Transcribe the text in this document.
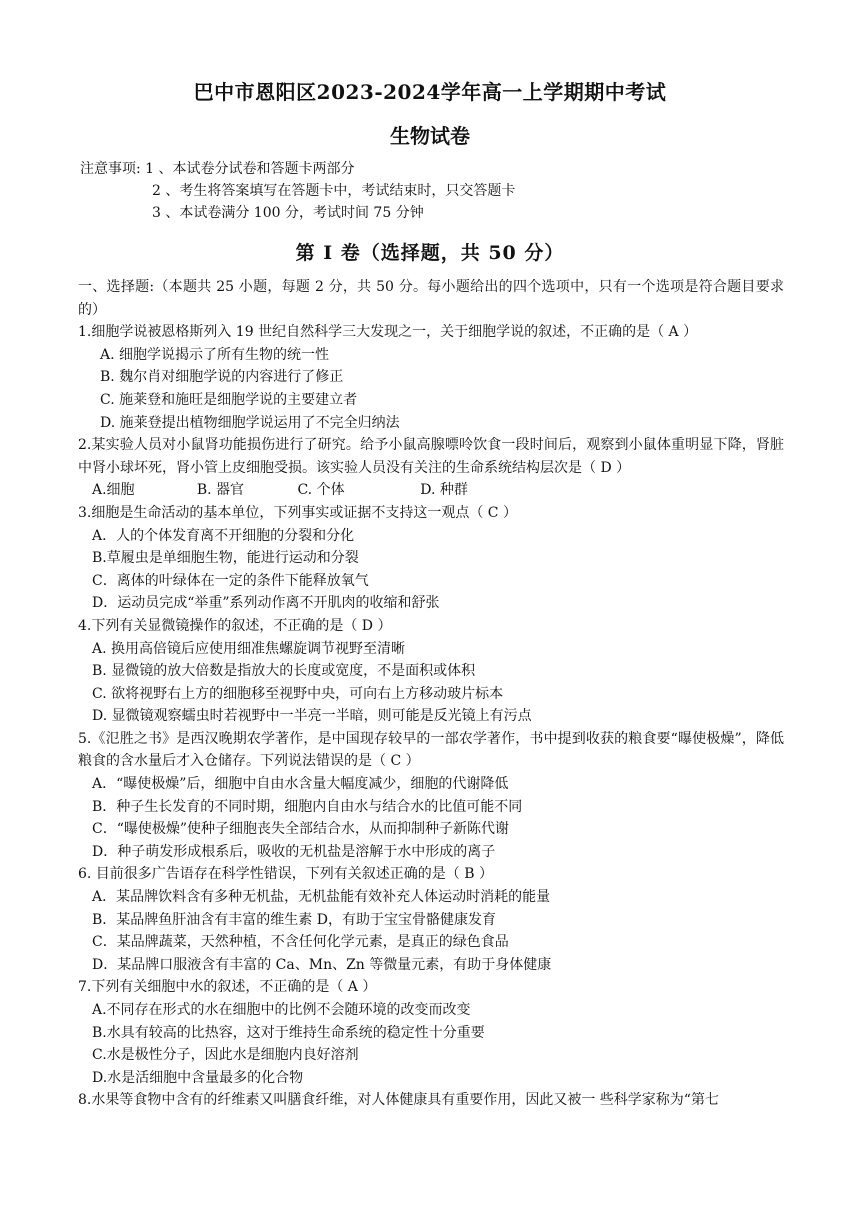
巴中市恩阳区2023-2024学年高一上学期期中考试
生物试卷
注意事项: 1 、本试卷分试卷和答题卡两部分
2 、考生将答案填写在答题卡中，考试结束时，只交答题卡
3 、本试卷满分 100 分，考试时间 75 分钟
第 I 卷（选择题，共 50 分）
一、选择题:（本题共 25 小题，每题 2 分，共 50 分。每小题给出的四个选项中，只有一个选项是符合题目要求的）
1.细胞学说被恩格斯列入 19 世纪自然科学三大发现之一，关于细胞学说的叙述，不正确的是（ A ）
A. 细胞学说揭示了所有生物的统一性
B. 魏尔肖对细胞学说的内容进行了修正
C. 施莱登和施旺是细胞学说的主要建立者
D. 施莱登提出植物细胞学说运用了不完全归纳法
2.某实验人员对小鼠肾功能损伤进行了研究。给予小鼠高腺嘌呤饮食一段时间后，观察到小鼠体重明显下降，肾脏中肾小球坏死，肾小管上皮细胞受损。该实验人员没有关注的生命系统结构层次是（ D ）
A.细胞              B. 器官            C. 个体                 D. 种群
3.细胞是生命活动的基本单位，下列事实或证据不支持这一观点（ C ）
A．人的个体发育离不开细胞的分裂和分化
B.草履虫是单细胞生物，能进行运动和分裂
C．离体的叶绿体在一定的条件下能释放氧气
D．运动员完成“举重”系列动作离不开肌肉的收缩和舒张
4.下列有关显微镜操作的叙述，不正确的是（ D ）
A. 换用高倍镜后应使用细准焦螺旋调节视野至清晰
B. 显微镜的放大倍数是指放大的长度或宽度，不是面积或体积
C. 欲将视野右上方的细胞移至视野中央，可向右上方移动玻片标本
D. 显微镜观察蠕虫时若视野中一半亮一半暗，则可能是反光镜上有污点
5.《氾胜之书》是西汉晚期农学著作，是中国现存较早的一部农学著作，书中提到收获的粮食要“曝使极燥”，降低粮食的含水量后才入仓储存。下列说法错误的是（ C ）
A．“曝使极燥”后，细胞中自由水含量大幅度减少，细胞的代谢降低
B．种子生长发育的不同时期，细胞内自由水与结合水的比值可能不同
C．“曝使极燥”使种子细胞丧失全部结合水，从而抑制种子新陈代谢
D．种子萌发形成根系后，吸收的无机盐是溶解于水中形成的离子
6. 目前很多广告语存在科学性错误，下列有关叙述正确的是（ B ）
A．某品牌饮料含有多种无机盐，无机盐能有效补充人体运动时消耗的能量
B．某品牌鱼肝油含有丰富的维生素 D，有助于宝宝骨骼健康发育
C．某品牌蔬菜，天然种植，不含任何化学元素，是真正的绿色食品
D．某品牌口服液含有丰富的 Ca、Mn、Zn 等微量元素，有助于身体健康
7.下列有关细胞中水的叙述，不正确的是（ A ）
A.不同存在形式的水在细胞中的比例不会随环境的改变而改变
B.水具有较高的比热容，这对于维持生命系统的稳定性十分重要
C.水是极性分子，因此水是细胞内良好溶剂
D.水是活细胞中含量最多的化合物
8.水果等食物中含有的纤维素又叫膳食纤维，对人体健康具有重要作用，因此又被一 些科学家称为“第七
